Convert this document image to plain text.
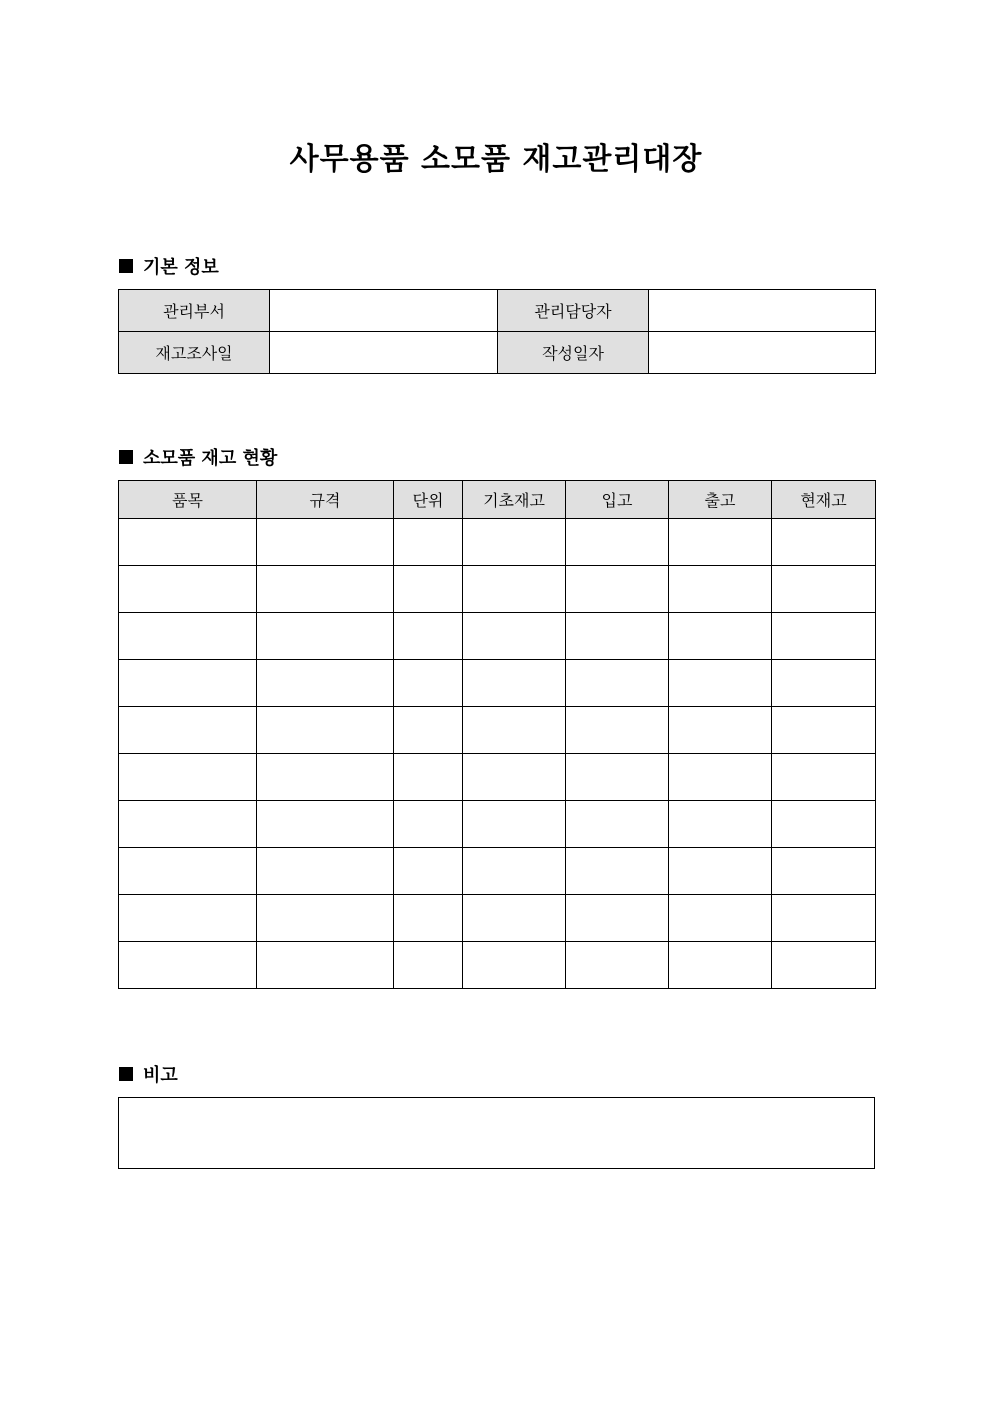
사무용품 소모품 재고관리대장
기본 정보
관리부서		관리담당자	
재고조사일		작성일자	
소모품 재고 현황
품목	규격	단위	기초재고	입고	출고	현재고

비고
